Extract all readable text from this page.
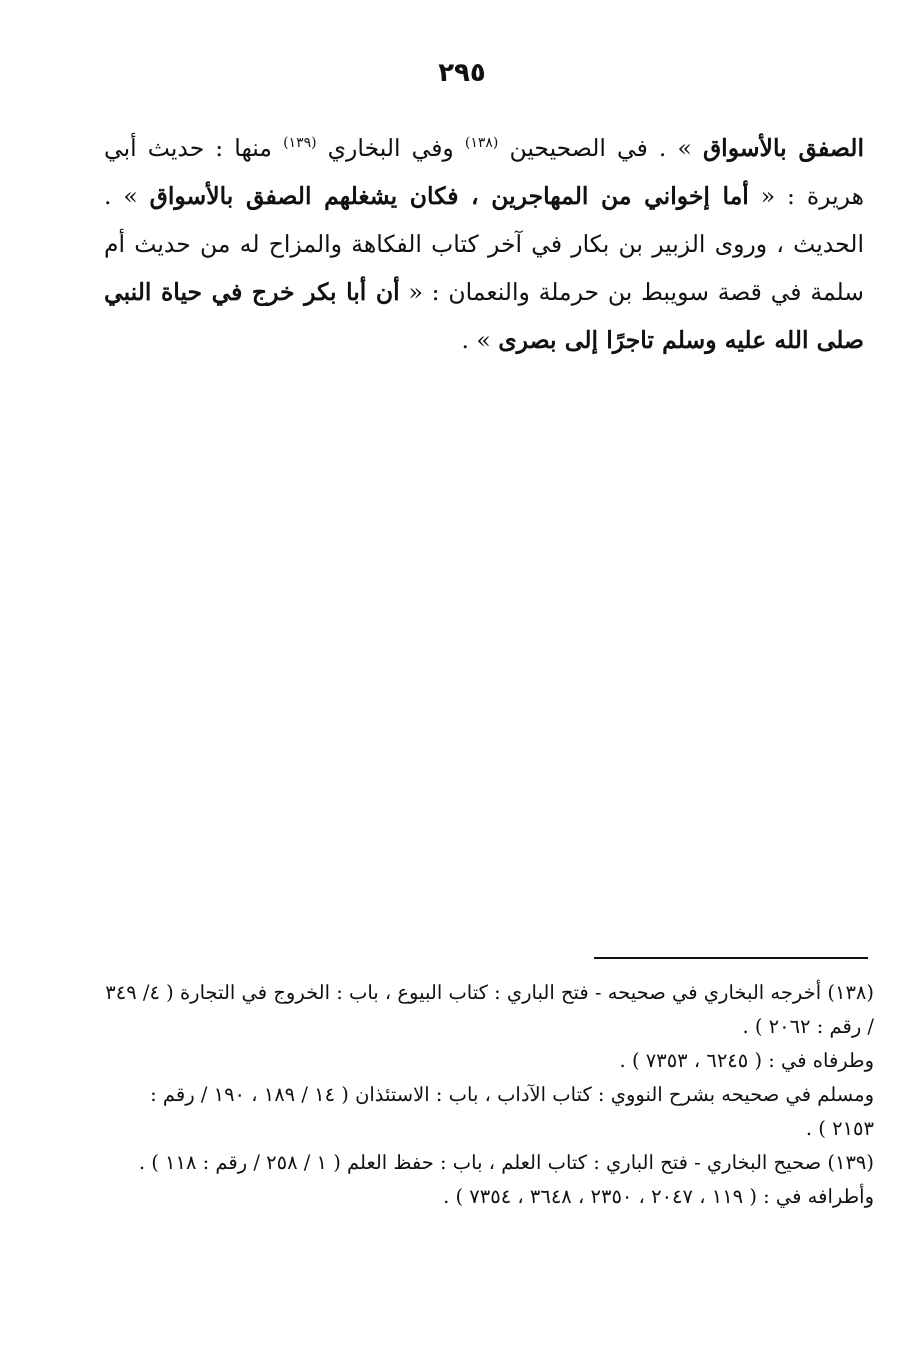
٢٩٥

الصفق بالأسواق » . في الصحيحين $^{(١٣٨)}$ وفي البخاري $^{(١٣٩)}$ منها : حديث أبي هريرة : « أما إخواني من المهاجرين ، فكان يشغلهم الصفق بالأسواق » . الحديث ، وروى الزبير بن بكار في آخر كتاب الفكاهة والمزاح له من حديث أم سلمة في قصة سويبط بن حرملة والنعمان : « أن أبا بكر خرج في حياة النبي صلى الله عليه وسلم تاجرًا إلى بصرى » .

(١٣٨) أخرجه البخاري في صحيحه - فتح الباري : كتاب البيوع ، باب : الخروج في التجارة ( ٤/ ٣٤٩ / رقم : ٢٠٦٢ ) .

وطرفاه في : ( ٦٢٤٥ ، ٧٣٥٣ ) .

ومسلم في صحيحه بشرح النووي : كتاب الآداب ، باب : الاستئذان ( ١٤ / ١٨٩ ، ١٩٠ / رقم : ٢١٥٣ ) .

(١٣٩) صحيح البخاري - فتح الباري : كتاب العلم ، باب : حفظ العلم ( ١ / ٢٥٨ / رقم : ١١٨ ) .

وأطرافه في : ( ١١٩ ، ٢٠٤٧ ، ٢٣٥٠ ، ٣٦٤٨ ، ٧٣٥٤ ) .
